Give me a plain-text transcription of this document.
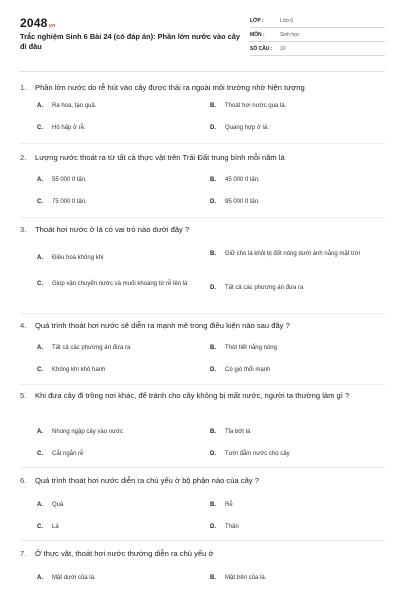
2048.vn
Trắc nghiệm Sinh 6 Bài 24 (có đáp án): Phần lớn nước vào cây đi đâu
LỚP :	Lớp 6
MÔN :	Sinh học
SỐ CÂU :	10
1.	Phần lớn nước do rễ hút vào cây được thải ra ngoài môi trường nhờ hiện tượng
A.	Ra hoa, tạo quả.	B.	Thoát hơi nước qua lá.
C.	Hô hấp ở rễ.	D.	Quang hợp ở lá.
2.	Lượng nước thoát ra từ tất cả thực vật trên Trái Đất trung bình mỗi năm là
A.	55 000 tỉ tấn.	B.	45 000 tỉ tấn.
C.	75 000 tỉ tấn.	D.	95 000 tỉ tấn.
3.	Thoát hơi nước ở lá có vai trò nào dưới đây ?
A.	Điều hoà không khí
B.	Giữ cho lá khỏi bị đốt nóng dưới ánh nắng mặt trời
C.	Giúp vận chuyển nước và muối khoáng từ rễ lên lá
D.	Tất cả các phương án đưa ra
4.	Quá trình thoát hơi nước sẽ diễn ra mạnh mẽ trong điều kiện nào sau đây ?
A.	Tất cả các phương án đưa ra	B.	Thời tiết nắng nóng
C.	Không khí khô hanh	D.	Có gió thổi mạnh
5.	Khi đưa cây đi trồng nơi khác, để tránh cho cây không bị mất nước, người ta thường làm gì ?
A.	Nhúng ngập cây vào nước	B.	Tỉa bớt lá
C.	Cắt ngắn rễ	D.	Tưới đẫm nước cho cây
6.	Quá trình thoát hơi nước diễn ra chủ yếu ở bộ phận nào của cây ?
A.	Quả	B.	Rễ
C.	Lá	D.	Thân
7.	Ở thực vật, thoát hơi nước thường diễn ra chủ yếu ở
A.	Mặt dưới của lá.	B.	Mặt trên của lá.
